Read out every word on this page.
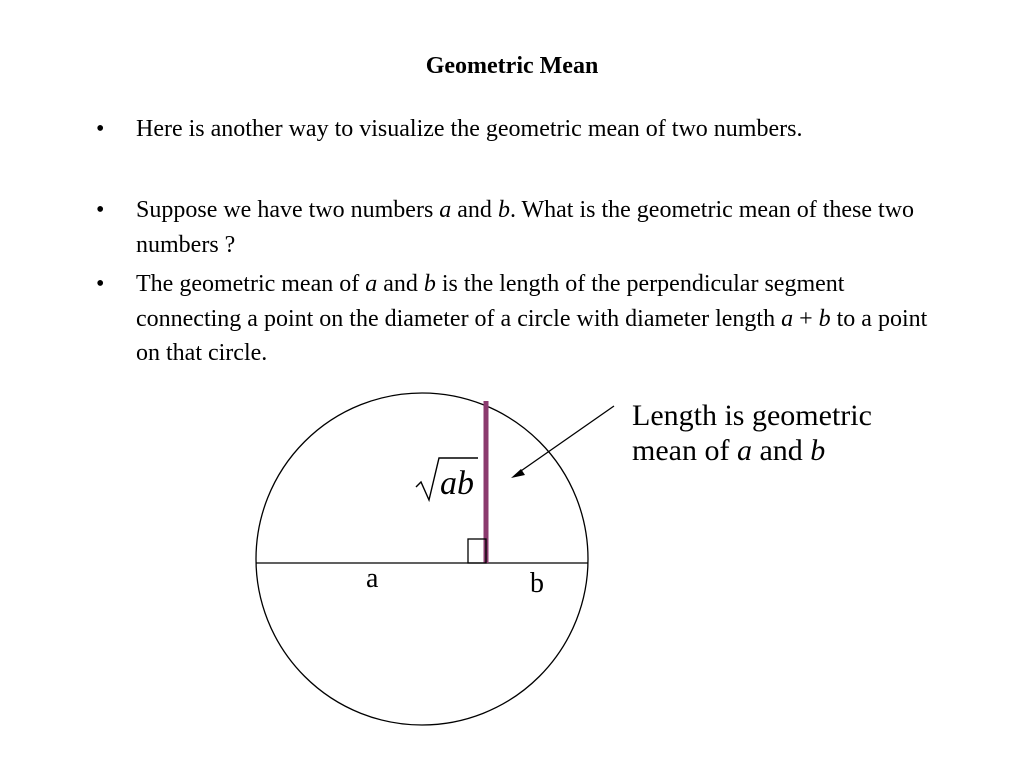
Geometric Mean
•	Here is another way to visualize the geometric mean of two numbers.
•	Suppose we have two numbers a and b. What is the geometric mean of these two numbers ?
•	The geometric mean of a and b is the length of the perpendicular segment connecting a point on the diameter of a circle with diameter length a + b to a point on that circle.
ab
a	b
Length is geometric
mean of a and b
